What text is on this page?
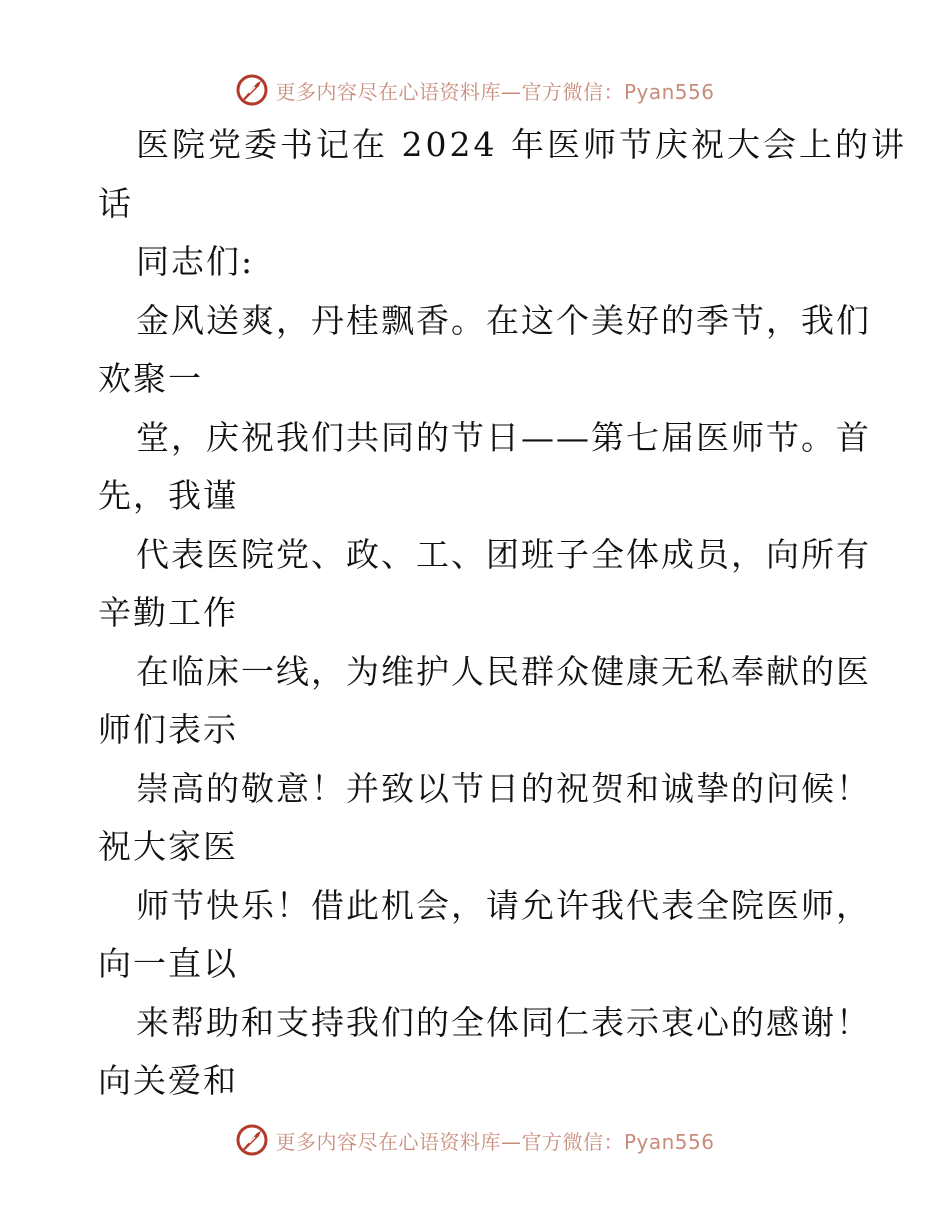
更多内容尽在心语资料库—官方微信：Pyan556
医院党委书记在 2024 年医师节庆祝大会上的讲
话
同志们:
金风送爽，丹桂飘香。在这个美好的季节，我们
欢聚一
堂，庆祝我们共同的节日——第七届医师节。首
先，我谨
代表医院党、政、工、团班子全体成员，向所有
辛勤工作
在临床一线，为维护人民群众健康无私奉献的医
师们表示
崇高的敬意！并致以节日的祝贺和诚挚的问候！
祝大家医
师节快乐！借此机会，请允许我代表全院医师，
向一直以
来帮助和支持我们的全体同仁表示衷心的感谢！
向关爱和
更多内容尽在心语资料库—官方微信：Pyan556
